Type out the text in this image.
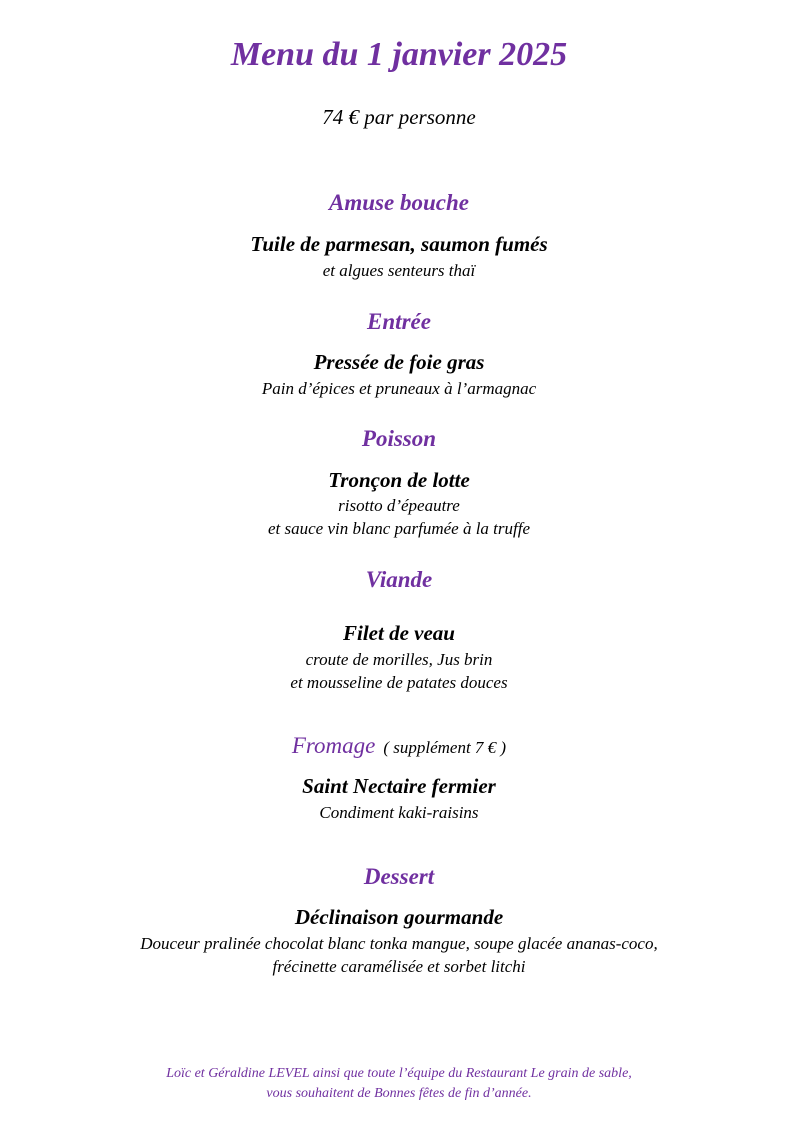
Menu du 1 janvier 2025
74 € par personne
Amuse bouche
Tuile de parmesan, saumon fumés
et algues senteurs thaï
Entrée
Pressée de foie gras
Pain d’épices et pruneaux à l’armagnac
Poisson
Tronçon de lotte
risotto d’épeautre
et sauce vin blanc parfumée à la truffe
Viande
Filet de veau
croute de morilles, Jus brin
et mousseline de patates douces
Fromage ( supplément 7 € )
Saint Nectaire fermier
Condiment kaki-raisins
Dessert
Déclinaison gourmande
Douceur pralinée chocolat blanc tonka mangue, soupe glacée ananas-coco,
frécinette caramélisée et sorbet litchi
Loïc et Géraldine LEVEL ainsi que toute l’équipe du Restaurant Le grain de sable,
vous souhaitent de Bonnes fêtes de fin d’année.
